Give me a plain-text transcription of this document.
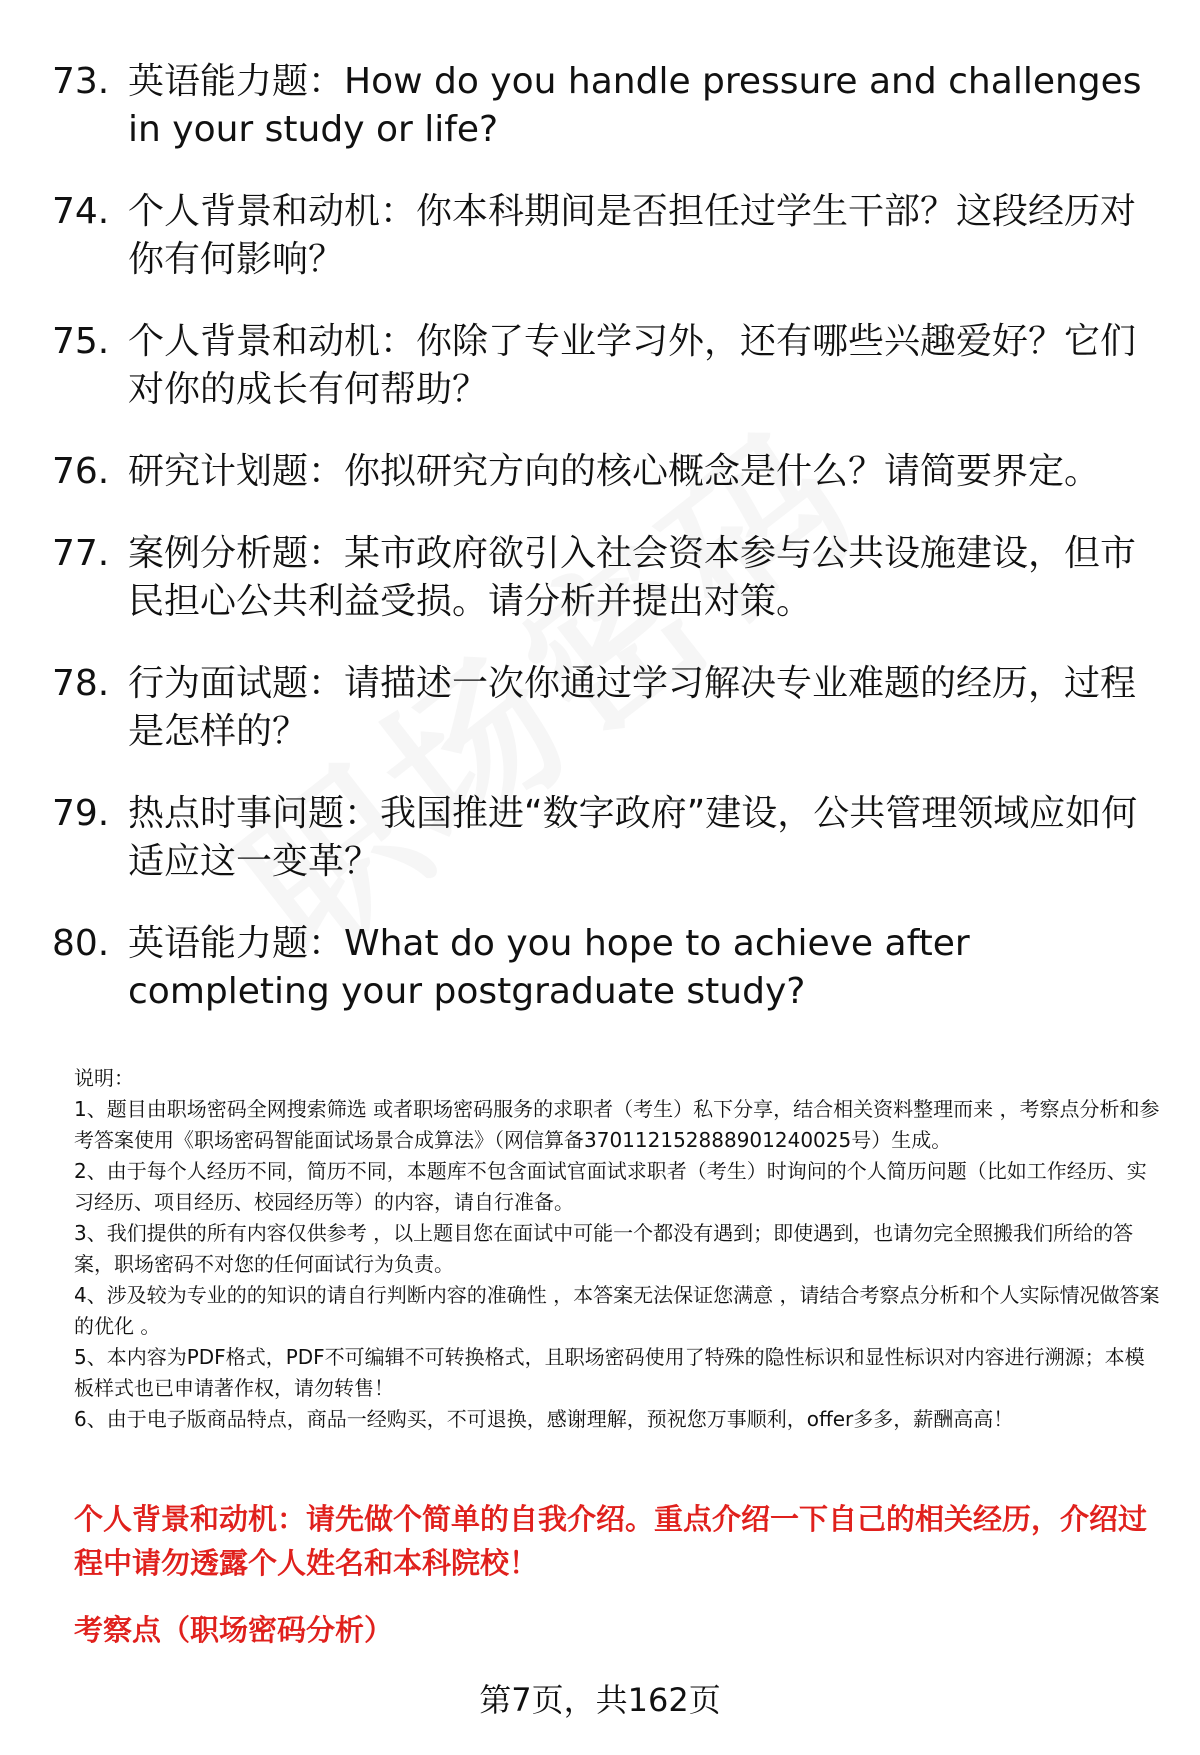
73. 英语能力题：How do you handle pressure and challenges in your study or life?
74. 个人背景和动机：你本科期间是否担任过学生干部？这段经历对你有何影响？
75. 个人背景和动机：你除了专业学习外，还有哪些兴趣爱好？它们对你的成长有何帮助？
76. 研究计划题：你拟研究方向的核心概念是什么？请简要界定。
77. 案例分析题：某市政府欲引入社会资本参与公共设施建设，但市民担心公共利益受损。请分析并提出对策。
78. 行为面试题：请描述一次你通过学习解决专业难题的经历，过程是怎样的？
79. 热点时事问题：我国推进“数字政府”建设，公共管理领域应如何适应这一变革？
80. 英语能力题：What do you hope to achieve after completing your postgraduate study?

说明：

1、题目由职场密码全网搜索筛选 或者职场密码服务的求职者（考生）私下分享，结合相关资料整理而来 ，考察点分析和参考答案使用《职场密码智能面试场景合成算法》（网信算备370112152888901240025号）生成。

2、由于每个人经历不同，简历不同，本题库不包含面试官面试求职者（考生）时询问的个人简历问题（比如工作经历、实习经历、项目经历、校园经历等）的内容，请自行准备。

3、我们提供的所有内容仅供参考 ，以上题目您在面试中可能一个都没有遇到；即使遇到，也请勿完全照搬我们所给的答案，职场密码不对您的任何面试行为负责。

4、涉及较为专业的的知识的请自行判断内容的准确性 ，本答案无法保证您满意 ，请结合考察点分析和个人实际情况做答案的优化 。

5、本内容为PDF格式，PDF不可编辑不可转换格式，且职场密码使用了特殊的隐性标识和显性标识对内容进行溯源；本模板样式也已申请著作权，请勿转售！

6、由于电子版商品特点，商品一经购买，不可退换，感谢理解，预祝您万事顺利，offer多多，薪酬高高！

个人背景和动机：请先做个简单的自我介绍。重点介绍一下自己的相关经历，介绍过程中请勿透露个人姓名和本科院校！
考察点（职场密码分析）
第7页，共162页
